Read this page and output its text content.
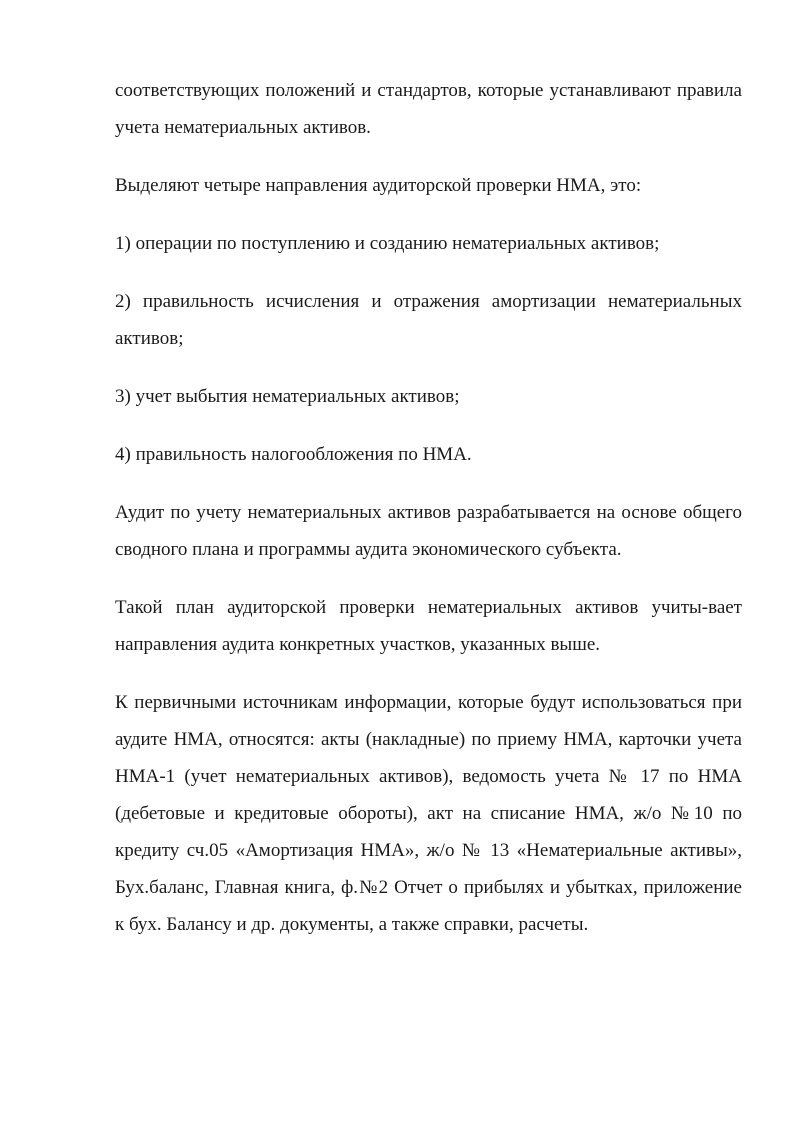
соответствующих положений и стандартов, которые устанавливают правила учета нематериальных активов.

Выделяют четыре направления аудиторской проверки НМА, это:

1) операции по поступлению и созданию нематериальных активов;

2) правильность исчисления и отражения амортизации нематериальных активов;

3) учет выбытия нематериальных активов;

4) правильность налогообложения по НМА.

Аудит по учету нематериальных активов разрабатывается на основе общего сводного плана и программы аудита экономического субъекта.

Такой план аудиторской проверки нематериальных активов учиты-вает направления аудита конкретных участков, указанных выше.

К первичными источникам информации, которые будут использоваться при аудите НМА, относятся: акты (накладные) по приему НМА, карточки учета НМА-1 (учет нематериальных активов), ведомость учета № 17 по НМА (дебетовые и кредитовые обороты), акт на списание НМА, ж/о №10 по кредиту сч.05 «Амортизация НМА», ж/о № 13 «Нематериальные активы», Бух.баланс, Главная книга, ф.№2 Отчет о прибылях и убытках, приложение к бух. Балансу и др. документы, а также справки, расчеты.
